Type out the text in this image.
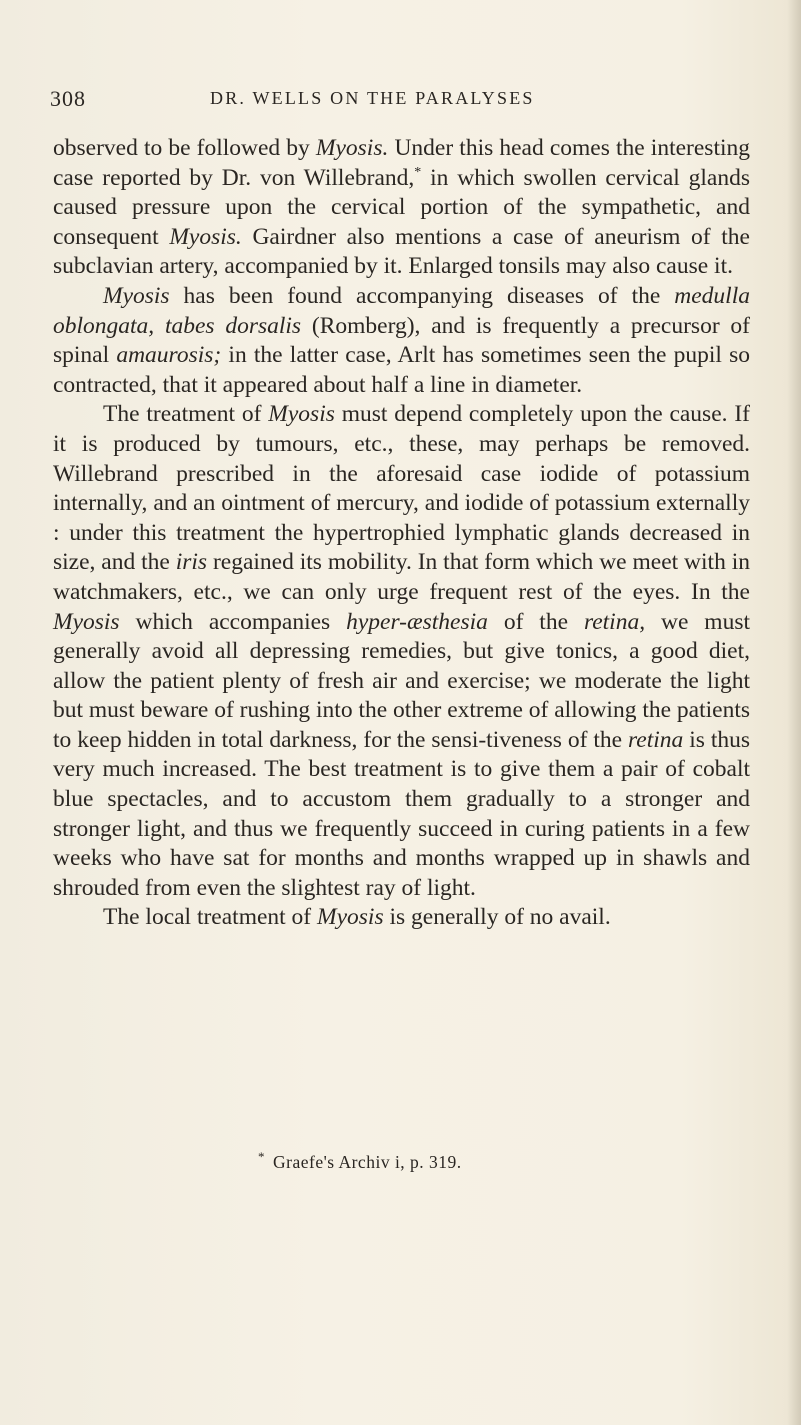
308	DR. WELLS ON THE PARALYSES

observed to be followed by Myosis. Under this head comes the interesting case reported by Dr. von Willebrand,* in which swollen cervical glands caused pressure upon the cervical portion of the sympathetic, and consequent Myosis. Gairdner also mentions a case of aneurism of the subclavian artery, accompanied by it. Enlarged tonsils may also cause it.

Myosis has been found accompanying diseases of the medulla oblongata, tabes dorsalis (Romberg), and is frequently a precursor of spinal amaurosis; in the latter case, Arlt has sometimes seen the pupil so contracted, that it appeared about half a line in diameter.

The treatment of Myosis must depend completely upon the cause. If it is produced by tumours, etc., these, may perhaps be removed. Willebrand prescribed in the aforesaid case iodide of potassium internally, and an ointment of mercury, and iodide of potassium externally : under this treatment the hypertrophied lymphatic glands decreased in size, and the iris regained its mobility. In that form which we meet with in watchmakers, etc., we can only urge frequent rest of the eyes. In the Myosis which accompanies hyper-æsthesia of the retina, we must generally avoid all depressing remedies, but give tonics, a good diet, allow the patient plenty of fresh air and exercise; we moderate the light but must beware of rushing into the other extreme of allowing the patients to keep hidden in total darkness, for the sensi-tiveness of the retina is thus very much increased. The best treatment is to give them a pair of cobalt blue spectacles, and to accustom them gradually to a stronger and stronger light, and thus we frequently succeed in curing patients in a few weeks who have sat for months and months wrapped up in shawls and shrouded from even the slightest ray of light.

The local treatment of Myosis is generally of no avail.

* Graefe's Archiv i, p. 319.
